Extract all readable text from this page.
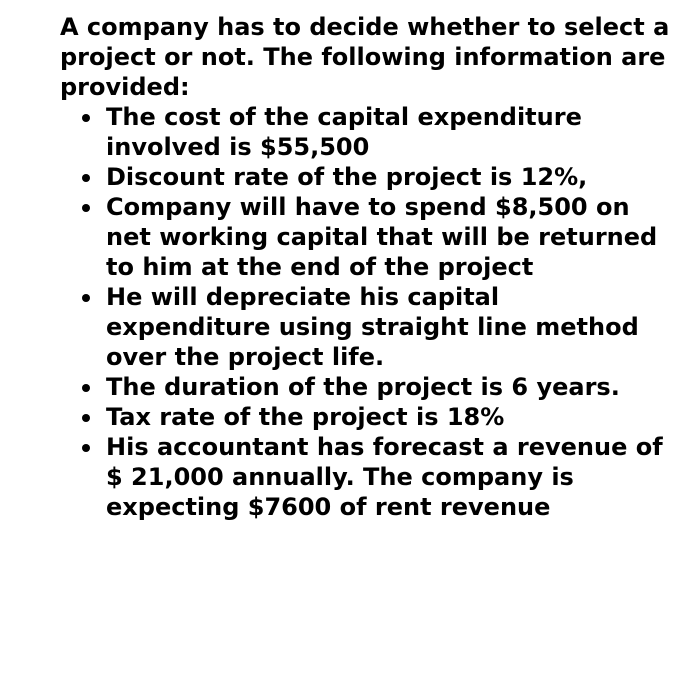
A company has to decide whether to select a project or not. The following information are provided:

The cost of the capital expenditure involved is $55,500
Discount rate of the project is 12%,
Company will have to spend $8,500 on net working capital that will be returned to him at the end of the project
He will depreciate his capital expenditure using straight line method over the project life.
The duration of the project is 6 years.
Tax rate of the project is 18%
His accountant has forecast a revenue of $ 21,000 annually. The company is expecting $7600 of rent revenue
